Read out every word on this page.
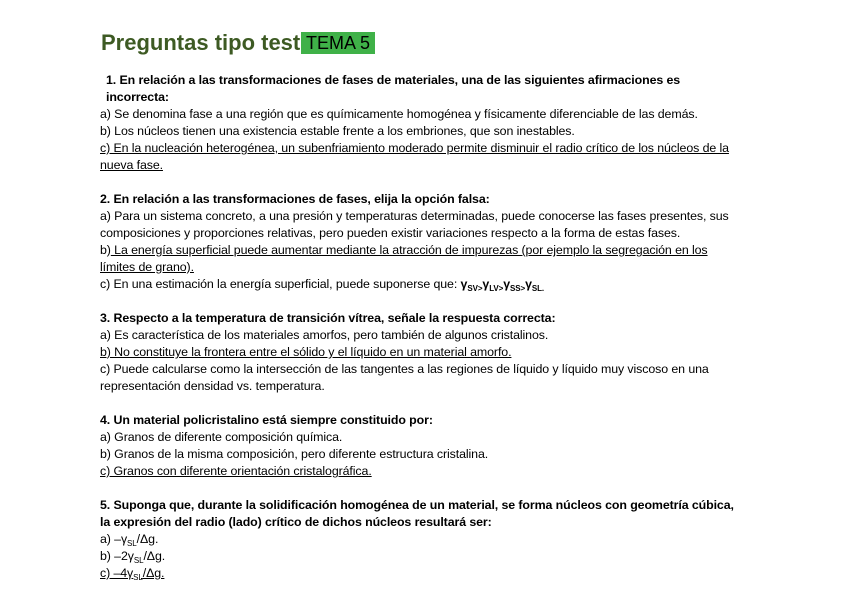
Preguntas tipo test TEMA 5
1. En relación a las transformaciones de fases de materiales, una de las siguientes afirmaciones es incorrecta:
a) Se denomina fase a una región que es químicamente homogénea y físicamente diferenciable de las demás.
b) Los núcleos tienen una existencia estable frente a los embriones, que son inestables.
c) En la nucleación heterogénea, un subenfriamiento moderado permite disminuir el radio crítico de los núcleos de la nueva fase.
2. En relación a las transformaciones de fases, elija la opción falsa:
a) Para un sistema concreto, a una presión y temperaturas determinadas, puede conocerse las fases presentes, sus composiciones y proporciones relativas, pero pueden existir variaciones respecto a la forma de estas fases.
b) La energía superficial puede aumentar mediante la atracción de impurezas (por ejemplo la segregación en los límites de grano).
c) En una estimación la energía superficial, puede suponerse que: $\gamma_{SV>}\gamma_{LV>}\gamma_{SS>}\gamma_{SL.}$
3. Respecto a la temperatura de transición vítrea, señale la respuesta correcta:
a) Es característica de los materiales amorfos, pero también de algunos cristalinos.
b) No constituye la frontera entre el sólido y el líquido en un material amorfo.
c) Puede calcularse como la intersección de las tangentes a las regiones de líquido y líquido muy viscoso en una representación densidad vs. temperatura.
4. Un material policristalino está siempre constituido por:
a) Granos de diferente composición química.
b) Granos de la misma composición, pero diferente estructura cristalina.
c) Granos con diferente orientación cristalográfica.
5. Suponga que, durante la solidificación homogénea de un material, se forma núcleos con geometría cúbica, la expresión del radio (lado) crítico de dichos núcleos resultará ser:
a) $-\gamma_{SL}/\Delta g$.
b) $-2\gamma_{SL}/\Delta g$.
c) $-4\gamma_{SL}/\Delta g$.
